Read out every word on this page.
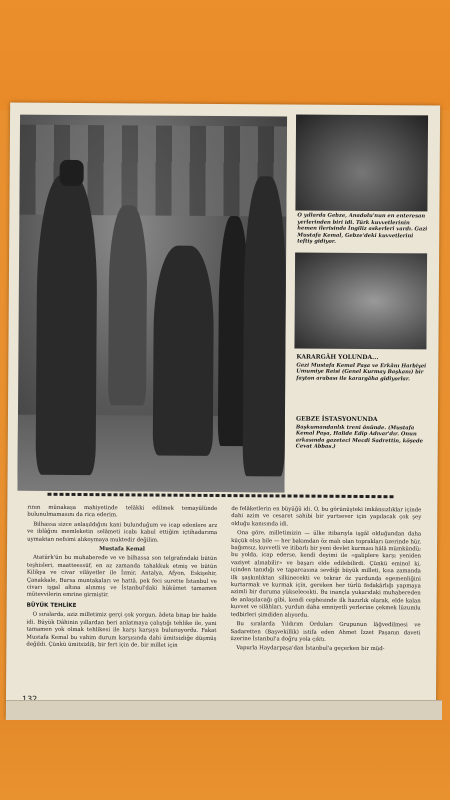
O yıllarda Gebze, Anadolu'nun en enteresan yerlerinden biri idi. Türk kuvvetlerinin hemen ilerisinde İngiliz askerleri vardı. Gazi Mustafa Kemal, Gebze'deki kuvvetlerini teftiş gidiyor.
KARARGÂH YOLUNDA...
Gazi Mustafa Kemal Paşa ve Erkânı Harbiyei Umumiye Reisi (Genel Kurmay Başkanı) bir fayton arabası ile karargâha gidiyorlar.
GEBZE İSTASYONUNDA
Başkumandanlık treni önünde. (Mustafa Kemal Paşa, Halide Edip Adıvar'dır. Onun arkasında gazeteci Mecdi Sadrettin, köşede Cevat Abbas.)

rının münakaşa mahiyetinde telâkki edilmek temayülünde bulunulmamasını da rica ederim.

Bilhassa sizce anlaşıldığını kani bulunduğum ve icap edenlere arz ve iblâğını memleketin selâmeti icabı kabul ettiğim içtihadarıma uymaktan nefsimi alıkoymaya muktedir değilim.

Mustafa Kemal

Atatürk'ün bu muhaberede ve ve bilhassa son telgrafındaki bütün teşhisleri, maatteessüf, en az zamanda tahakkuk etmiş ve bütün Kilikya ve civar vilâyetler ile İzmir, Antalya, Afyon, Eskişehir, Çanakkale, Bursa muntakaları ve hattâ, pek feci surette İstanbul ve civarı işgal altına alınmış ve İstanbul'daki hükümet tamamen mütevvilerin emrine girmiştir.

BÜYÜK TEHLİKE

O sıralarda, aziz milletimiz gerçi çok yorgun, âdeta bitap bir halde idi. Büyük Dâhinin yıllardan beri anlatmaya çalıştığı tehlike ile, yani tamamen yok olmak tehlikesi ile karşı karşıya bulunuyordu. Fakat Mustafa Kemal bu vahim durum karşısında dahi ümitsizliğe düşmüş değildi. Çünkü ümitsizlik, bir fert için de, bir millet için

de felâketlerin en büyüğü idi. O, bu görünüşteki imkânsızlıklar içinde dahi azim ve cesaret sahibi bir yurtsever için yapılacak çok şey olduğu kanısında idi.

Ona göre, milletimizin — ülke itibarıyla işgâl olduğundan daha küçük olsa bile — her bakımdan öz malı olan toprakları üzerinde hür, bağımsız, kuvvetli ve itibarlı bir yeni devlet kurması hâlâ mümkündü; bu yolda, icap ederse, kendi deyimi ile «galiplere karşı yeniden vaziyet alınabilir» ve başarı elde edilebilirdi. Çünkü eminol ki, içinden tanıdığı ve taparcasına sevdiği büyük milleti, kısa zamanda ilk şaşkınlıktan silkinecekti ve tekrar öz yurdunda egemenliğini kurtarmak ve kurmak için, gereken her türlü fedakârlığı yapmaya azimli bir duruma yükselecekti. Bu inançla yukarıdaki muhabereden de anlaşılacağı gibi, kendi cephesinde ilk hazırlık olarak, elde kalan kuvvet ve silâhları, yurdun daha emniyetli yerlerine çekmek lüzumlu tedbirleri şimdiden alıyordu.

Bu sıralarda Yıldırım Orduları Grupunun lâğvedilmesi ve Sadaretten (Başvekillik) istifa eden Ahmet İzzet Paşanın daveti üzerine İstanbul'a doğru yola çıktı.

Vapurla Haydarpaşa'dan İstanbul'a geçerken bir müd-
